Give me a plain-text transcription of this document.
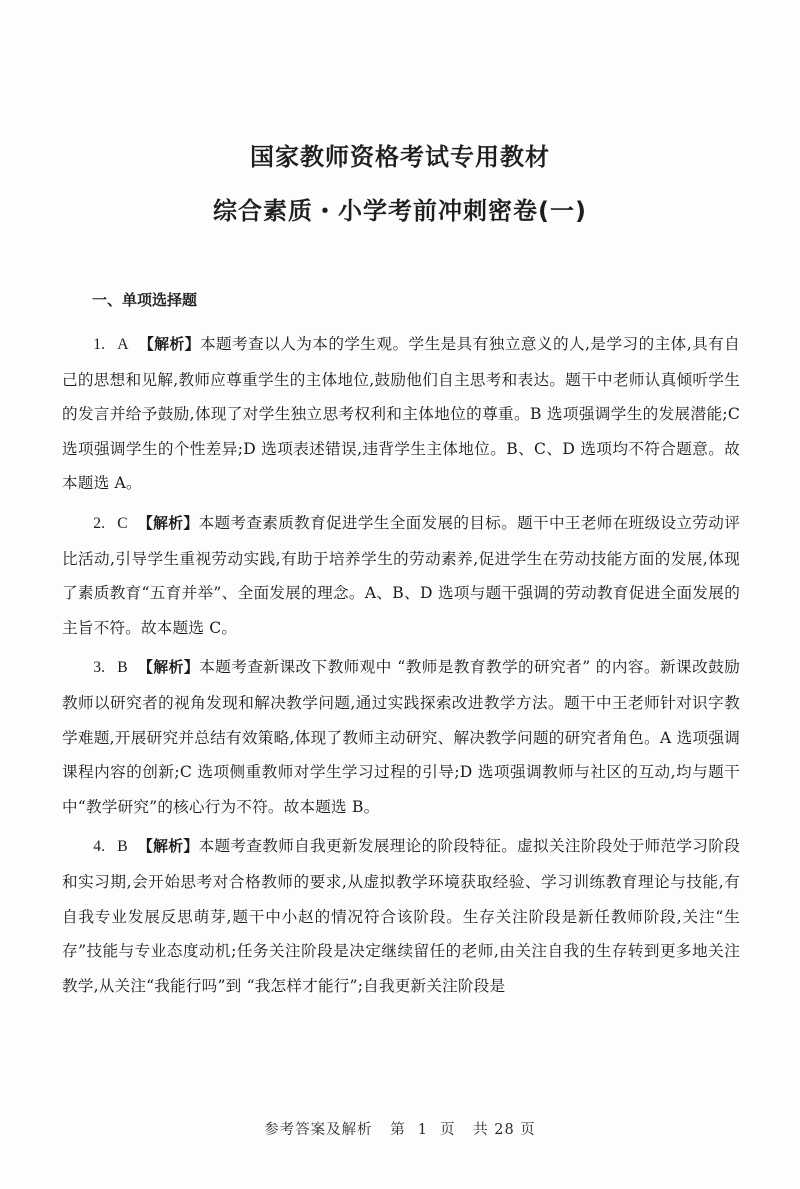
国家教师资格考试专用教材
综合素质・小学考前冲刺密卷(一)
一、单项选择题

1. A 【解析】本题考查以人为本的学生观。学生是具有独立意义的人,是学习的主体,具有自己的思想和见解,教师应尊重学生的主体地位,鼓励他们自主思考和表达。题干中老师认真倾听学生的发言并给予鼓励,体现了对学生独立思考权利和主体地位的尊重。B 选项强调学生的发展潜能;C 选项强调学生的个性差异;D 选项表述错误,违背学生主体地位。B、C、D 选项均不符合题意。故本题选 A。

2. C 【解析】本题考查素质教育促进学生全面发展的目标。题干中王老师在班级设立劳动评比活动,引导学生重视劳动实践,有助于培养学生的劳动素养,促进学生在劳动技能方面的发展,体现了素质教育“五育并举”、全面发展的理念。A、B、D 选项与题干强调的劳动教育促进全面发展的主旨不符。故本题选 C。

3. B 【解析】本题考查新课改下教师观中 “教师是教育教学的研究者” 的内容。新课改鼓励教师以研究者的视角发现和解决教学问题,通过实践探索改进教学方法。题干中王老师针对识字教学难题,开展研究并总结有效策略,体现了教师主动研究、解决教学问题的研究者角色。A 选项强调课程内容的创新;C 选项侧重教师对学生学习过程的引导;D 选项强调教师与社区的互动,均与题干中“教学研究”的核心行为不符。故本题选 B。

4. B 【解析】本题考查教师自我更新发展理论的阶段特征。虚拟关注阶段处于师范学习阶段和实习期,会开始思考对合格教师的要求,从虚拟教学环境获取经验、学习训练教育理论与技能,有自我专业发展反思萌芽,题干中小赵的情况符合该阶段。生存关注阶段是新任教师阶段,关注“生存”技能与专业态度动机;任务关注阶段是决定继续留任的老师,由关注自我的生存转到更多地关注教学,从关注“我能行吗”到 “我怎样才能行”;自我更新关注阶段是

参考答案及解析 第 1 页 共 28 页
